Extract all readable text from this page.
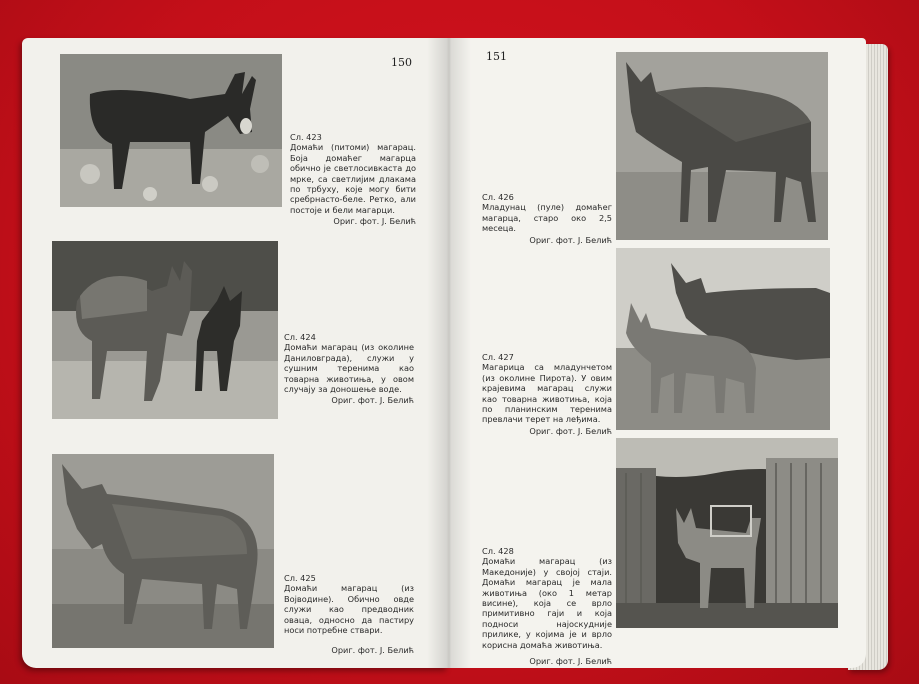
150
Сл. 423
Домаћи (питоми) магарац. Боја домаћег магарца обично је светлосивкаста до мрке, са светлијим длакама по трбуху, које могу бити сребрнасто-беле. Ретко, али постоје и бели магарци.
Ориг. фот. J. Белић
Сл. 424
Домаћи магарац (из околине Даниловграда), служи у сушним теренима као товарна животиња, у овом случају за доношење воде.
Ориг. фот. J. Белић
Сл. 425
Домаћи магарац (из Војводине). Обично овде служи као предводник оваца, односно да пастиру носи потребне ствари.
Ориг. фот. J. Белић
151
Сл. 426
Младунац (пуле) домаћег магарца, старо око 2,5 месеца.
Ориг. фот. J. Белић
Сл. 427
Магарица са младунчетом (из околине Пирота). У овим крајевима магарац служи као товарна животиња, која по планинским теренима превлачи терет на леђима.
Ориг. фот. J. Белић
Сл. 428
Домаћи магарац (из Македоније) у својој стаји. Домаћи магарац је мала животиња (око 1 метар висине), која се врло примитивно гаји и која подноси најоскудније прилике, у којима је и врло корисна домаћа животиња.
Ориг. фот. J. Белић
